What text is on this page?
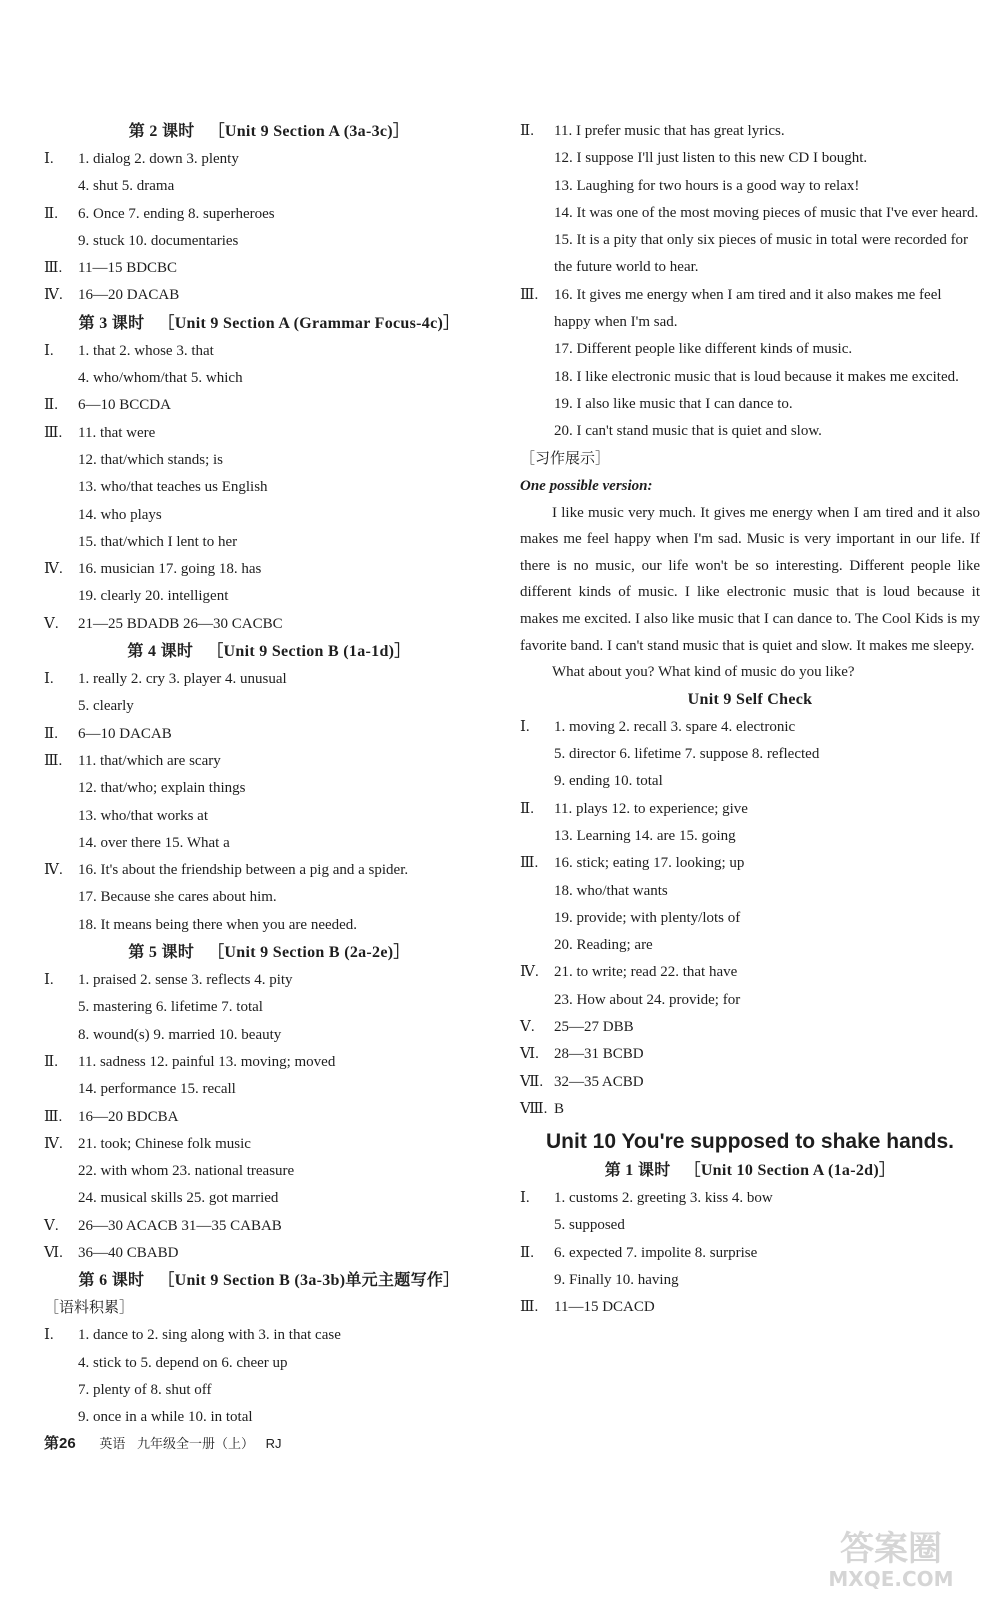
第 2 课时 ［Unit 9 Section A (3a-3c)］
Ⅰ.	1. dialog 2. down 3. plenty
4. shut 5. drama
Ⅱ.	6. Once 7. ending 8. superheroes
9. stuck 10. documentaries
Ⅲ.	11—15 BDCBC
Ⅳ.	16—20 DACAB
第 3 课时 ［Unit 9 Section A (Grammar Focus-4c)］
Ⅰ.	1. that 2. whose 3. that
4. who/whom/that 5. which
Ⅱ.	6—10 BCCDA
Ⅲ.	11. that were
12. that/which stands; is
13. who/that teaches us English
14. who plays
15. that/which I lent to her
Ⅳ.	16. musician 17. going 18. has
19. clearly 20. intelligent
Ⅴ.	21—25 BDADB 26—30 CACBC
第 4 课时 ［Unit 9 Section B (1a-1d)］
Ⅰ.	1. really 2. cry 3. player 4. unusual
5. clearly
Ⅱ.	6—10 DACAB
Ⅲ.	11. that/which are scary
12. that/who; explain things
13. who/that works at
14. over there 15. What a
Ⅳ.	16. It's about the friendship between a pig and a spider.
17. Because she cares about him.
18. It means being there when you are needed.
第 5 课时 ［Unit 9 Section B (2a-2e)］
Ⅰ.	1. praised 2. sense 3. reflects 4. pity
5. mastering 6. lifetime 7. total
8. wound(s) 9. married 10. beauty
Ⅱ.	11. sadness 12. painful 13. moving; moved
14. performance 15. recall
Ⅲ.	16—20 BDCBA
Ⅳ.	21. took; Chinese folk music
22. with whom 23. national treasure
24. musical skills 25. got married
Ⅴ.	26—30 ACACB 31—35 CABAB
Ⅵ.	36—40 CBABD
第 6 课时 ［Unit 9 Section B (3a-3b)单元主题写作］
［语料积累］
Ⅰ.	1. dance to 2. sing along with 3. in that case
4. stick to 5. depend on 6. cheer up
7. plenty of 8. shut off
9. once in a while 10. in total
Ⅱ.	11. I prefer music that has great lyrics.
12. I suppose I'll just listen to this new CD I bought.
13. Laughing for two hours is a good way to relax!
14. It was one of the most moving pieces of music that I've ever heard.
15. It is a pity that only six pieces of music in total were recorded for the future world to hear.
Ⅲ.	16. It gives me energy when I am tired and it also makes me feel happy when I'm sad.
17. Different people like different kinds of music.
18. I like electronic music that is loud because it makes me excited.
19. I also like music that I can dance to.
20. I can't stand music that is quiet and slow.
［习作展示］
One possible version:

I like music very much. It gives me energy when I am tired and it also makes me feel happy when I'm sad. Music is very important in our life. If there is no music, our life won't be so interesting. Different people like different kinds of music. I like electronic music that is loud because it makes me excited. I also like music that I can dance to. The Cool Kids is my favorite band. I can't stand music that is quiet and slow. It makes me sleepy.

What about you? What kind of music do you like?

Unit 9 Self Check
Ⅰ.	1. moving 2. recall 3. spare 4. electronic
5. director 6. lifetime 7. suppose 8. reflected
9. ending 10. total
Ⅱ.	11. plays 12. to experience; give
13. Learning 14. are 15. going
Ⅲ.	16. stick; eating 17. looking; up
18. who/that wants
19. provide; with plenty/lots of
20. Reading; are
Ⅳ.	21. to write; read 22. that have
23. How about 24. provide; for
Ⅴ.	25—27 DBB
Ⅵ.	28—31 BCBD
Ⅶ. 32—35 ACBD
Ⅷ. B
Unit 10 You're supposed to shake hands.
第 1 课时 ［Unit 10 Section A (1a-2d)］
Ⅰ.	1. customs 2. greeting 3. kiss 4. bow
5. supposed
Ⅱ.	6. expected 7. impolite 8. surprise
9. Finally 10. having
Ⅲ.	11—15 DCACD
第26 英语 九年级全一册（上） RJ
答案圈
MXQE.COM
